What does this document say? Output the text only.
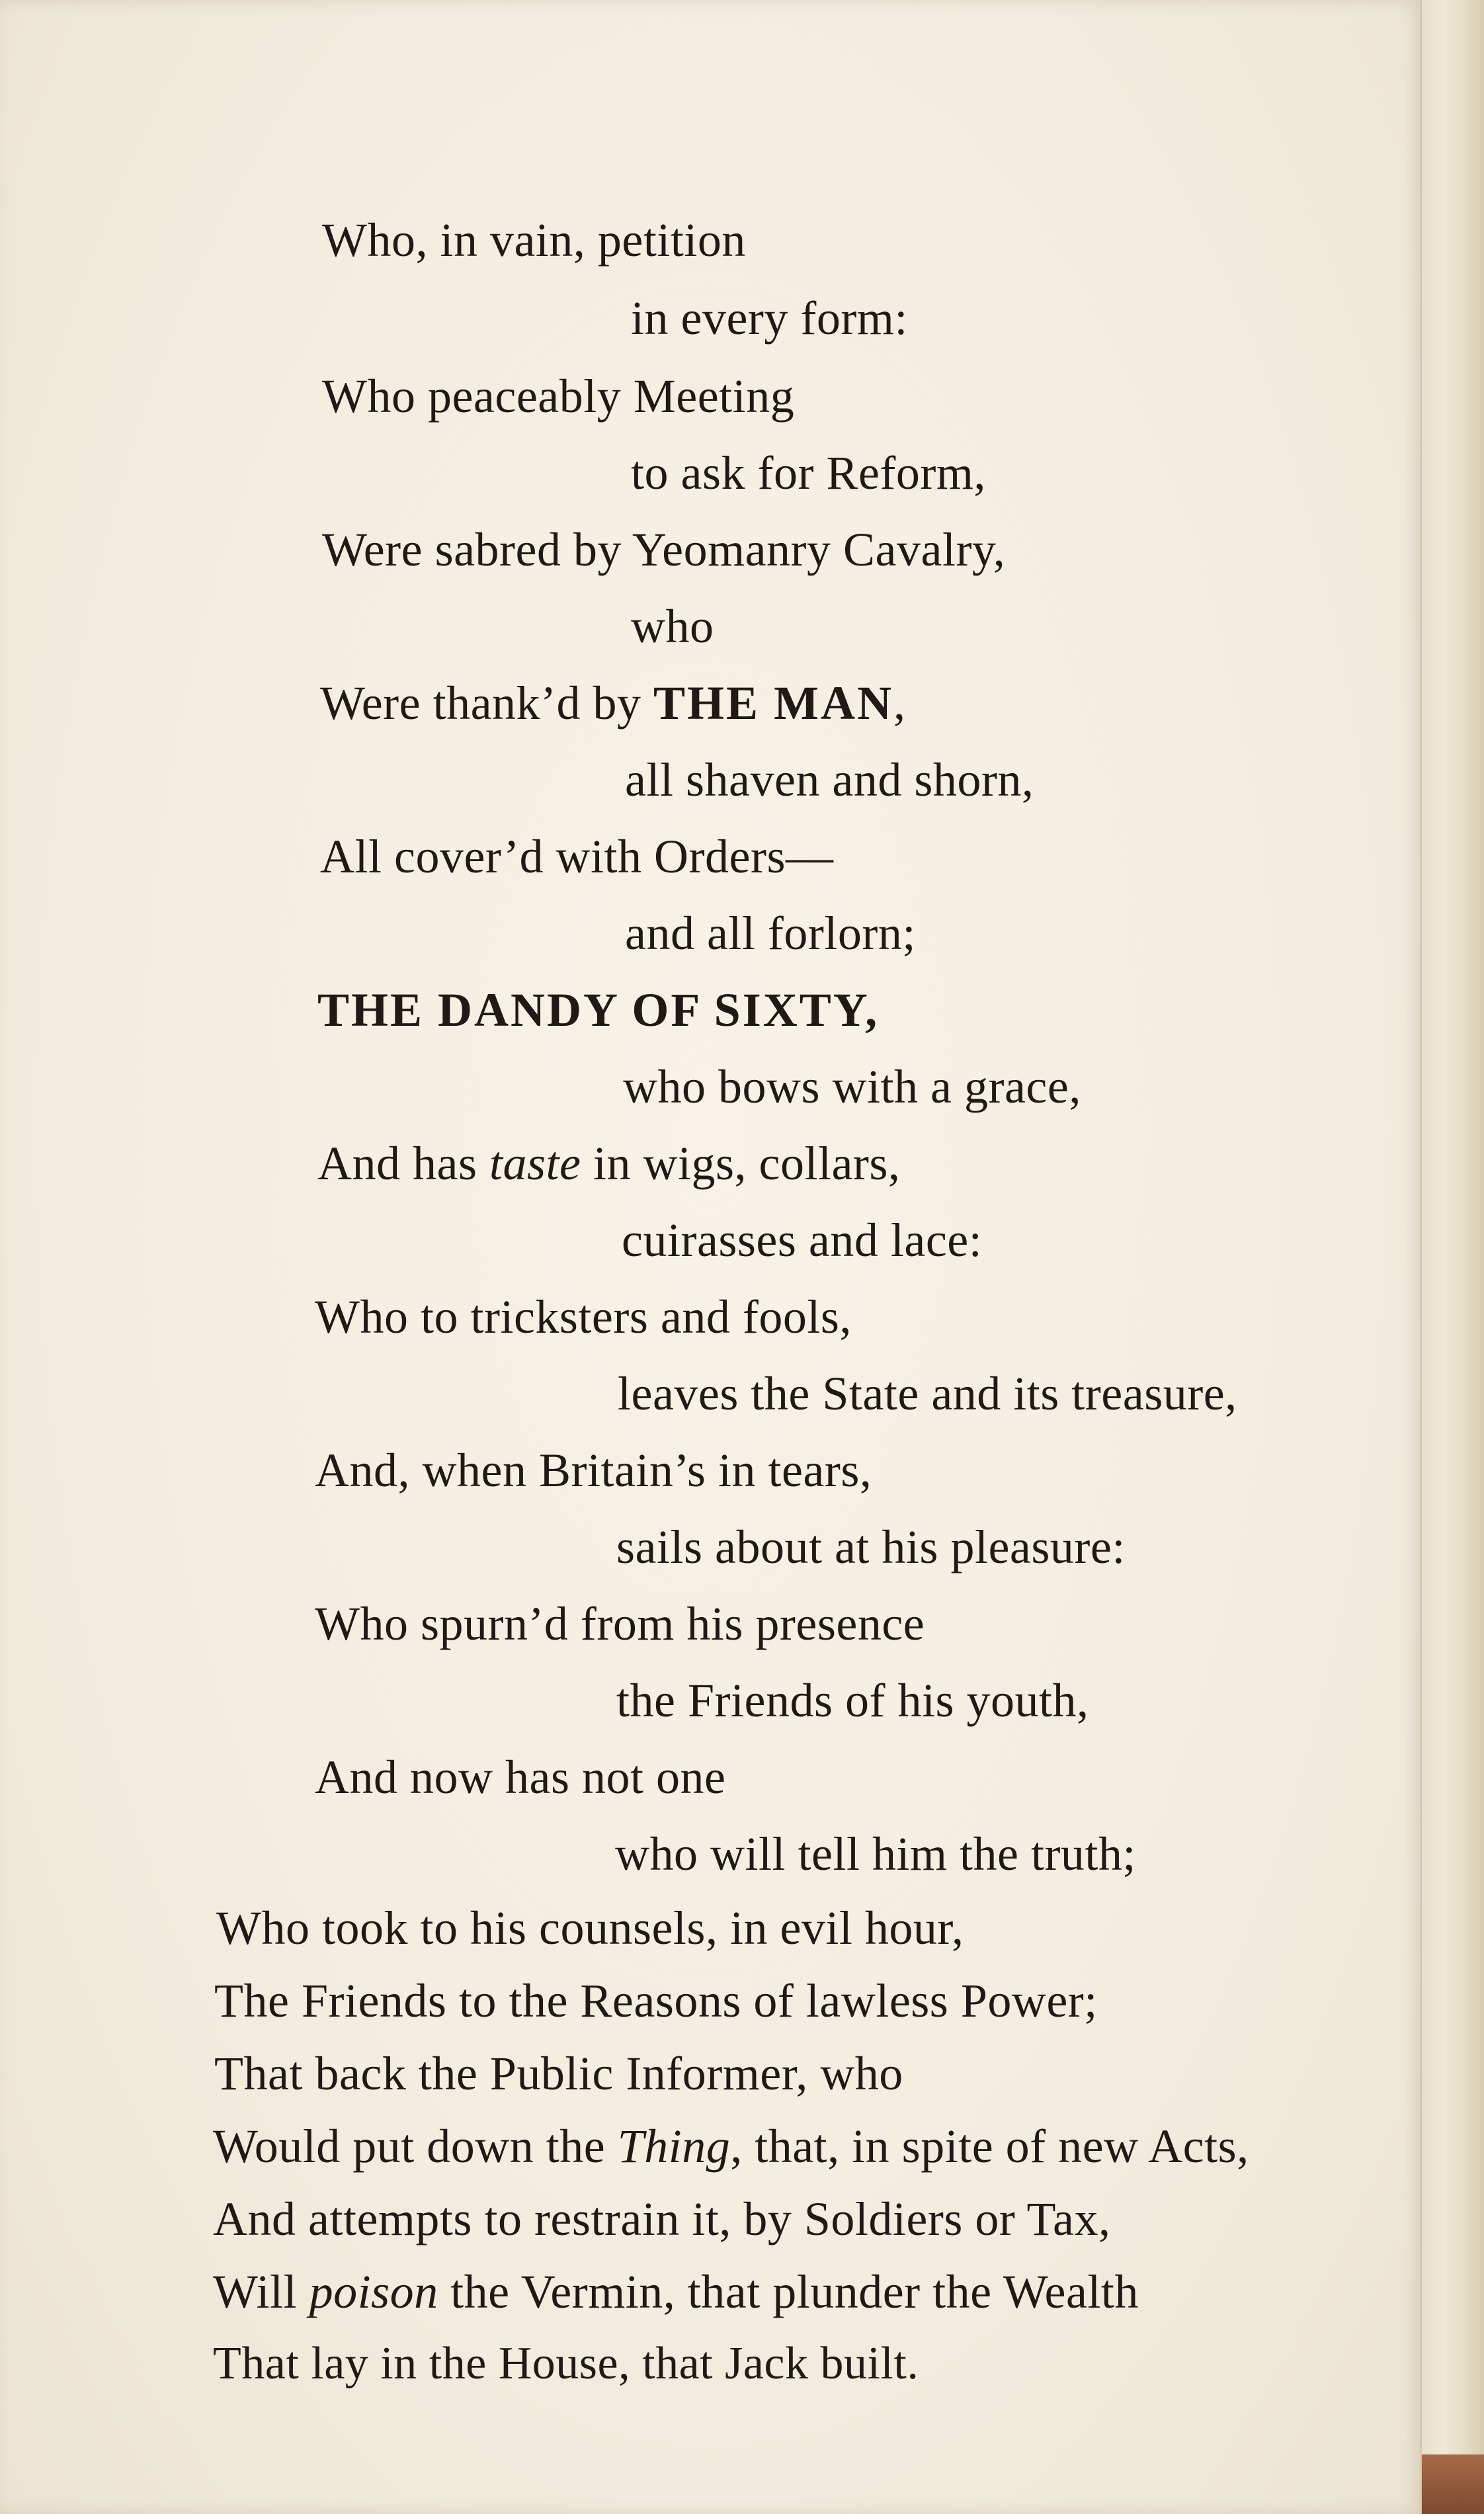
Who, in vain, petition

in every form:

Who peaceably Meeting

to ask for Reform,

Were sabred by Yeomanry Cavalry,

who

Were thank’d by THE MAN,

all shaven and shorn,

All cover’d with Orders—

and all forlorn;

THE DANDY OF SIXTY,

who bows with a grace,

And has taste in wigs, collars,

cuirasses and lace:

Who to tricksters and fools,

leaves the State and its treasure,

And, when Britain’s in tears,

sails about at his pleasure:

Who spurn’d from his presence

the Friends of his youth,

And now has not one

who will tell him the truth;

Who took to his counsels, in evil hour,

The Friends to the Reasons of lawless Power;

That back the Public Informer, who

Would put down the Thing, that, in spite of new Acts,

And attempts to restrain it, by Soldiers or Tax,

Will poison the Vermin, that plunder the Wealth

That lay in the House, that Jack built.
